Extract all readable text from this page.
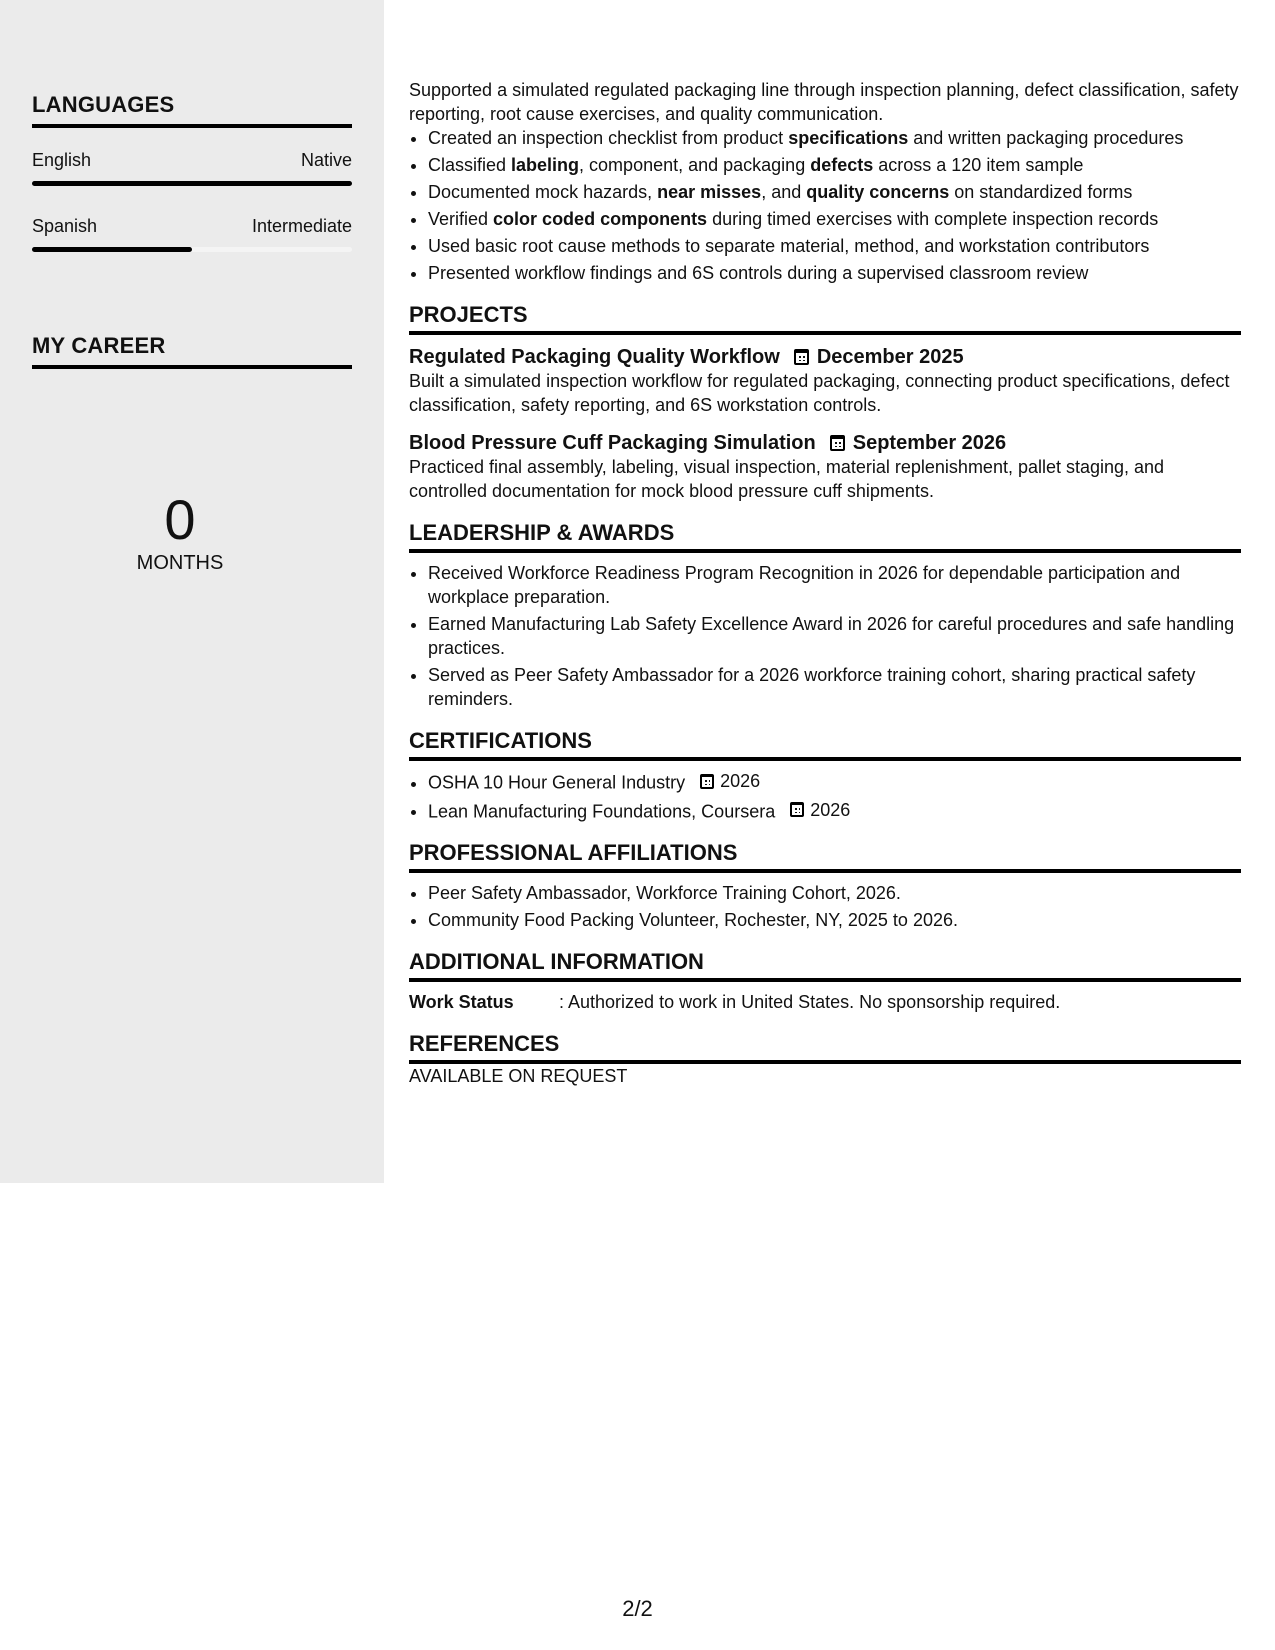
LANGUAGES
English	Native
Spanish	Intermediate
MY CAREER
0
MONTHS

Supported a simulated regulated packaging line through inspection planning, defect classification, safety reporting, root cause exercises, and quality communication.

• Created an inspection checklist from product specifications and written packaging procedures
• Classified labeling, component, and packaging defects across a 120 item sample
• Documented mock hazards, near misses, and quality concerns on standardized forms
• Verified color coded components during timed exercises with complete inspection records
• Used basic root cause methods to separate material, method, and workstation contributors
• Presented workflow findings and 6S controls during a supervised classroom review
PROJECTS
Regulated Packaging Quality Workflow December 2025

Built a simulated inspection workflow for regulated packaging, connecting product specifications, defect classification, safety reporting, and 6S workstation controls.

Blood Pressure Cuff Packaging Simulation September 2026

Practiced final assembly, labeling, visual inspection, material replenishment, pallet staging, and controlled documentation for mock blood pressure cuff shipments.

LEADERSHIP & AWARDS
• Received Workforce Readiness Program Recognition in 2026 for dependable participation and workplace preparation.
• Earned Manufacturing Lab Safety Excellence Award in 2026 for careful procedures and safe handling practices.
• Served as Peer Safety Ambassador for a 2026 workforce training cohort, sharing practical safety reminders.
CERTIFICATIONS
• OSHA 10 Hour General Industry 2026
• Lean Manufacturing Foundations, Coursera 2026
PROFESSIONAL AFFILIATIONS
• Peer Safety Ambassador, Workforce Training Cohort, 2026.
• Community Food Packing Volunteer, Rochester, NY, 2025 to 2026.
ADDITIONAL INFORMATION
Work Status	: Authorized to work in United States. No sponsorship required.
REFERENCES

AVAILABLE ON REQUEST

2/2
